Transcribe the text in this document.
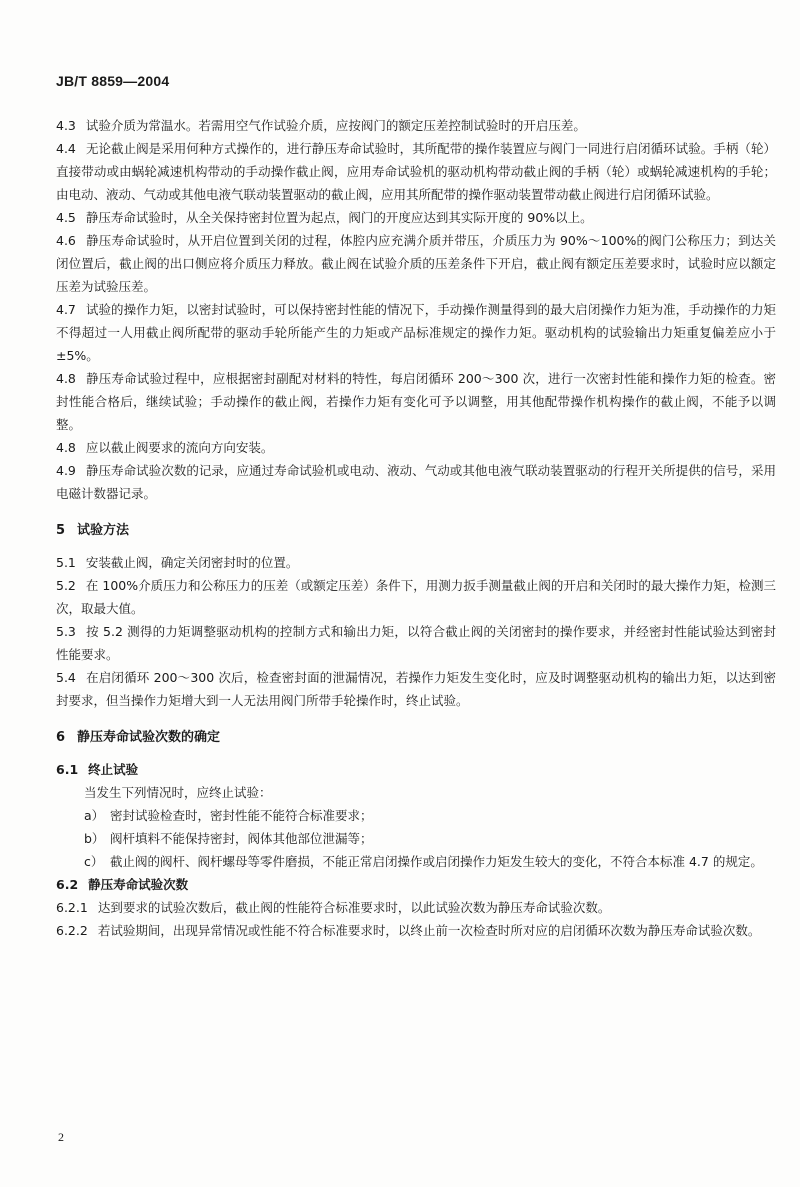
JB/T 8859—2004

4.3 试验介质为常温水。若需用空气作试验介质，应按阀门的额定压差控制试验时的开启压差。

4.4 无论截止阀是采用何种方式操作的，进行静压寿命试验时，其所配带的操作装置应与阀门一同进行启闭循环试验。手柄（轮）直接带动或由蜗轮减速机构带动的手动操作截止阀，应用寿命试验机的驱动机构带动截止阀的手柄（轮）或蜗轮减速机构的手轮；由电动、液动、气动或其他电液气联动装置驱动的截止阀，应用其所配带的操作驱动装置带动截止阀进行启闭循环试验。

4.5 静压寿命试验时，从全关保持密封位置为起点，阀门的开度应达到其实际开度的 90%以上。

4.6 静压寿命试验时，从开启位置到关闭的过程，体腔内应充满介质并带压，介质压力为 90%～100%的阀门公称压力；到达关闭位置后，截止阀的出口侧应将介质压力释放。截止阀在试验介质的压差条件下开启，截止阀有额定压差要求时，试验时应以额定压差为试验压差。

4.7 试验的操作力矩，以密封试验时，可以保持密封性能的情况下，手动操作测量得到的最大启闭操作力矩为准，手动操作的力矩不得超过一人用截止阀所配带的驱动手轮所能产生的力矩或产品标准规定的操作力矩。驱动机构的试验输出力矩重复偏差应小于±5%。

4.8 静压寿命试验过程中，应根据密封副配对材料的特性，每启闭循环 200～300 次，进行一次密封性能和操作力矩的检查。密封性能合格后，继续试验；手动操作的截止阀，若操作力矩有变化可予以调整，用其他配带操作机构操作的截止阀，不能予以调整。

4.8 应以截止阀要求的流向方向安装。

4.9 静压寿命试验次数的记录，应通过寿命试验机或电动、液动、气动或其他电液气联动装置驱动的行程开关所提供的信号，采用电磁计数器记录。

5 试验方法

5.1 安装截止阀，确定关闭密封时的位置。

5.2 在 100%介质压力和公称压力的压差（或额定压差）条件下，用测力扳手测量截止阀的开启和关闭时的最大操作力矩，检测三次，取最大值。

5.3 按 5.2 测得的力矩调整驱动机构的控制方式和输出力矩，以符合截止阀的关闭密封的操作要求，并经密封性能试验达到密封性能要求。

5.4 在启闭循环 200～300 次后，检查密封面的泄漏情况，若操作力矩发生变化时，应及时调整驱动机构的输出力矩，以达到密封要求，但当操作力矩增大到一人无法用阀门所带手轮操作时，终止试验。

6 静压寿命试验次数的确定
6.1 终止试验

当发生下列情况时，应终止试验：

a） 密封试验检查时，密封性能不能符合标准要求；

b） 阀杆填料不能保持密封，阀体其他部位泄漏等；

c） 截止阀的阀杆、阀杆螺母等零件磨损，不能正常启闭操作或启闭操作力矩发生较大的变化，不符合本标准 4.7 的规定。

6.2 静压寿命试验次数

6.2.1 达到要求的试验次数后，截止阀的性能符合标准要求时，以此试验次数为静压寿命试验次数。

6.2.2 若试验期间，出现异常情况或性能不符合标准要求时，以终止前一次检查时所对应的启闭循环次数为静压寿命试验次数。

2
